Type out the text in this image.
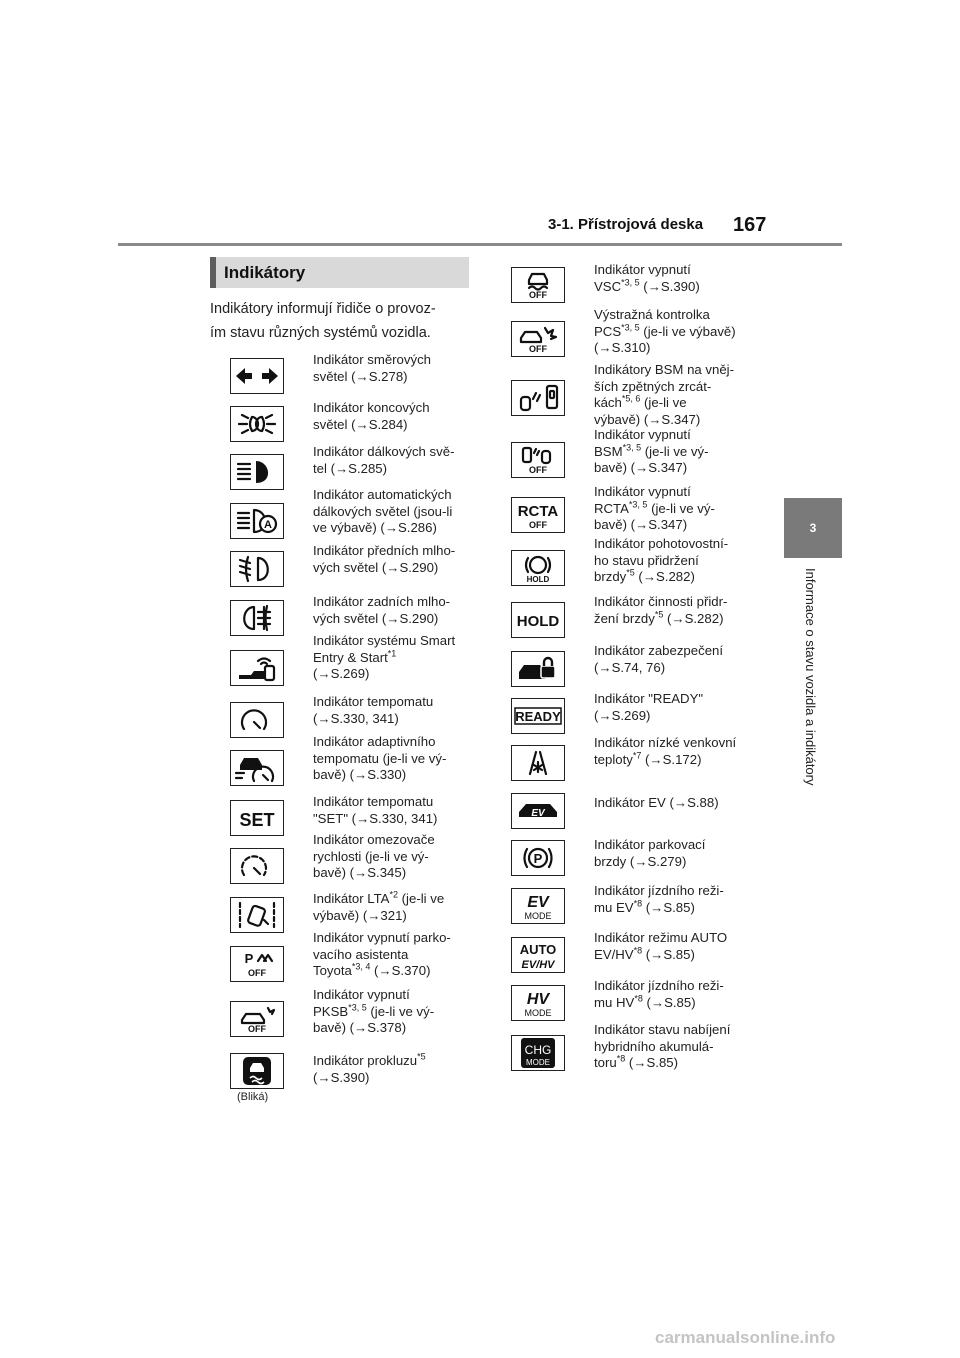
3-1. Přístrojová deska 167
3
Informace o stavu vozidla a indikátory
Indikátory
Indikátory informují řidiče o provoz-
ím stavu různých systémů vozidla.
Indikátor směrových
světel (→S.278)
Indikátor koncových
světel (→S.284)
Indikátor dálkových svě-
tel (→S.285)
A
Indikátor automatických
dálkových světel (jsou-li
ve výbavě) (→S.286)
Indikátor předních mlho-
vých světel (→S.290)
Indikátor zadních mlho-
vých světel (→S.290)
Indikátor systému Smart
Entry & Start$^{*1}$
(→S.269)
Indikátor tempomatu
(→S.330, 341)
Indikátor adaptivního
tempomatu (je-li ve vý-
bavě) (→S.330)
SET
Indikátor tempomatu
"SET" (→S.330, 341)
Indikátor omezovače
rychlosti (je-li ve vý-
bavě) (→S.345)
Indikátor LTA$^{*2}$ (je-li ve
výbavě) (→321)
P
OFF
Indikátor vypnutí parko-
vacího asistenta
Toyota$^{*3, 4}$ (→S.370)
OFF
Indikátor vypnutí
PKSB$^{*3, 5}$ (je-li ve vý-
bavě) (→S.378)
Indikátor prokluzu$^{*5}$
(→S.390)
(Bliká)
OFF
Indikátor vypnutí
VSC$^{*3, 5}$ (→S.390)
OFF
Výstražná kontrolka
PCS$^{*3, 5}$ (je-li ve výbavě)
(→S.310)
Indikátory BSM na vněj-
ších zpětných zrcát-
kách$^{*5, 6}$ (je-li ve
výbavě) (→S.347)
OFF
Indikátor vypnutí
BSM$^{*3, 5}$ (je-li ve vý-
bavě) (→S.347)
RCTA
OFF
Indikátor vypnutí
RCTA$^{*3, 5}$ (je-li ve vý-
bavě) (→S.347)
HOLD
Indikátor pohotovostní-
ho stavu přidržení
brzdy$^{*5}$ (→S.282)
HOLD
Indikátor činnosti přidr-
žení brzdy$^{*5}$ (→S.282)
Indikátor zabezpečení
(→S.74, 76)
READY
Indikátor "READY"
(→S.269)
Indikátor nízké venkovní
teploty$^{*7}$ (→S.172)
EV
Indikátor EV (→S.88)
P
Indikátor parkovací
brzdy (→S.279)
EV
MODE
Indikátor jízdního reži-
mu EV$^{*8}$ (→S.85)
AUTO
EV/HV
Indikátor režimu AUTO
EV/HV$^{*8}$ (→S.85)
HV
MODE
Indikátor jízdního reži-
mu HV$^{*8}$ (→S.85)
CHG
MODE
Indikátor stavu nabíjení
hybridního akumulá-
toru$^{*8}$ (→S.85)
carmanualsonline.info
